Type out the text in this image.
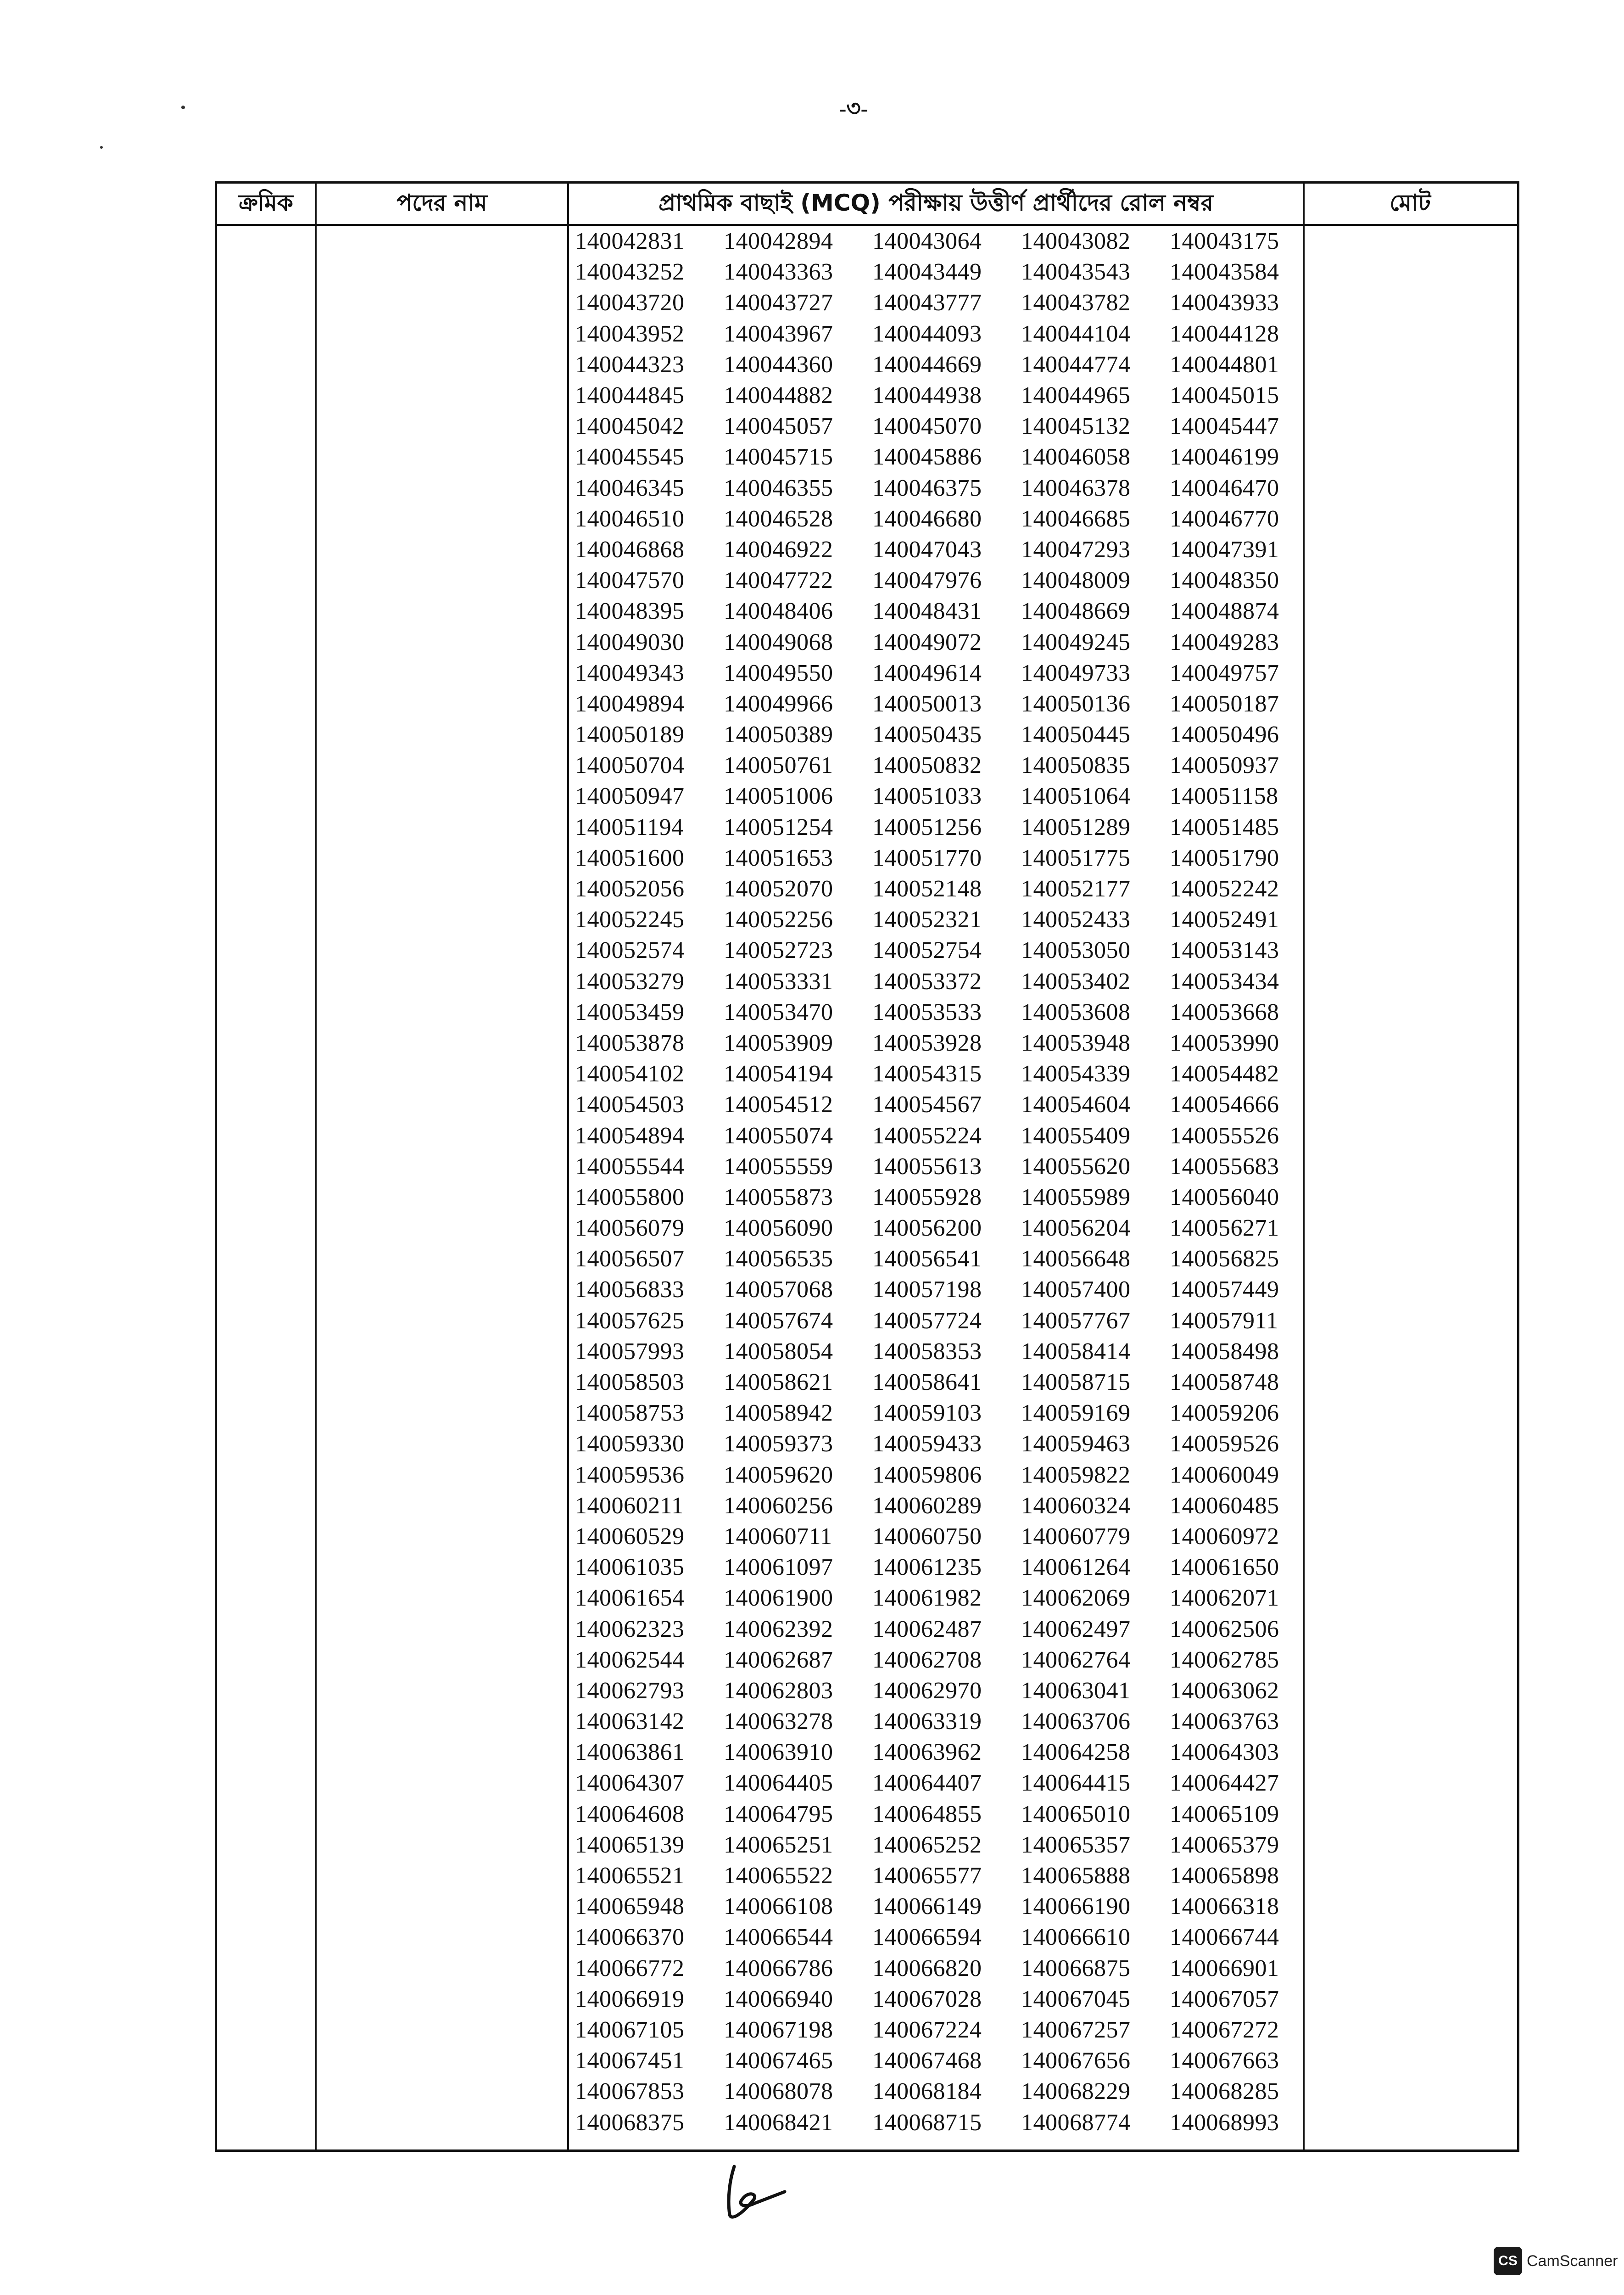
-৩-
ক্রমিক	পদের নাম	প্রাথমিক বাছাই (MCQ) পরীক্ষায় উত্তীর্ণ প্রার্থীদের রোল নম্বর	মোট
140042831	140042894	140043064	140043082	140043175
140043252	140043363	140043449	140043543	140043584
140043720	140043727	140043777	140043782	140043933
140043952	140043967	140044093	140044104	140044128
140044323	140044360	140044669	140044774	140044801
140044845	140044882	140044938	140044965	140045015
140045042	140045057	140045070	140045132	140045447
140045545	140045715	140045886	140046058	140046199
140046345	140046355	140046375	140046378	140046470
140046510	140046528	140046680	140046685	140046770
140046868	140046922	140047043	140047293	140047391
140047570	140047722	140047976	140048009	140048350
140048395	140048406	140048431	140048669	140048874
140049030	140049068	140049072	140049245	140049283
140049343	140049550	140049614	140049733	140049757
140049894	140049966	140050013	140050136	140050187
140050189	140050389	140050435	140050445	140050496
140050704	140050761	140050832	140050835	140050937
140050947	140051006	140051033	140051064	140051158
140051194	140051254	140051256	140051289	140051485
140051600	140051653	140051770	140051775	140051790
140052056	140052070	140052148	140052177	140052242
140052245	140052256	140052321	140052433	140052491
140052574	140052723	140052754	140053050	140053143
140053279	140053331	140053372	140053402	140053434
140053459	140053470	140053533	140053608	140053668
140053878	140053909	140053928	140053948	140053990
140054102	140054194	140054315	140054339	140054482
140054503	140054512	140054567	140054604	140054666
140054894	140055074	140055224	140055409	140055526
140055544	140055559	140055613	140055620	140055683
140055800	140055873	140055928	140055989	140056040
140056079	140056090	140056200	140056204	140056271
140056507	140056535	140056541	140056648	140056825
140056833	140057068	140057198	140057400	140057449
140057625	140057674	140057724	140057767	140057911
140057993	140058054	140058353	140058414	140058498
140058503	140058621	140058641	140058715	140058748
140058753	140058942	140059103	140059169	140059206
140059330	140059373	140059433	140059463	140059526
140059536	140059620	140059806	140059822	140060049
140060211	140060256	140060289	140060324	140060485
140060529	140060711	140060750	140060779	140060972
140061035	140061097	140061235	140061264	140061650
140061654	140061900	140061982	140062069	140062071
140062323	140062392	140062487	140062497	140062506
140062544	140062687	140062708	140062764	140062785
140062793	140062803	140062970	140063041	140063062
140063142	140063278	140063319	140063706	140063763
140063861	140063910	140063962	140064258	140064303
140064307	140064405	140064407	140064415	140064427
140064608	140064795	140064855	140065010	140065109
140065139	140065251	140065252	140065357	140065379
140065521	140065522	140065577	140065888	140065898
140065948	140066108	140066149	140066190	140066318
140066370	140066544	140066594	140066610	140066744
140066772	140066786	140066820	140066875	140066901
140066919	140066940	140067028	140067045	140067057
140067105	140067198	140067224	140067257	140067272
140067451	140067465	140067468	140067656	140067663
140067853	140068078	140068184	140068229	140068285
140068375	140068421	140068715	140068774	140068993
CS CamScanner
